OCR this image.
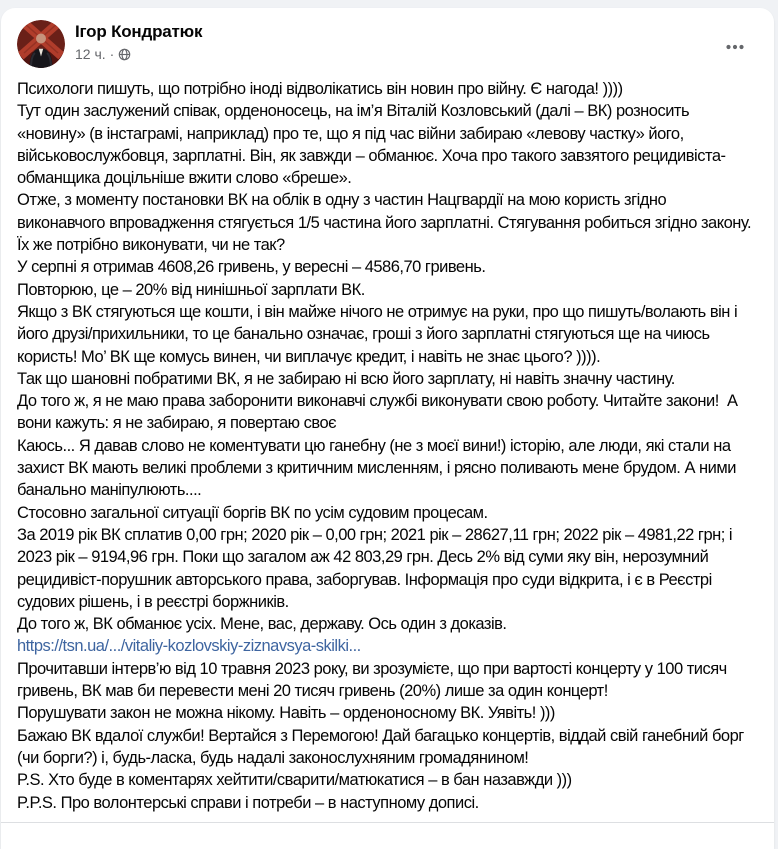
Ігор Кондратюк
12 ч. ·
Психологи пишуть, що потрібно іноді відволікатись він новин про війну. Є нагода! ))))
Тут один заслужений співак, орденоносець, на ім’я Віталій Козловський (далі – ВК) розносить «новину» (в інстаграмі, наприклад) про те, що я під час війни забираю «левову частку» його, військовослужбовця, зарплатні. Він, як завжди – обманює. Хоча про такого завзятого рецидивіста-обманщика доцільніше вжити слово «бреше».
Отже, з моменту постановки ВК на облік в одну з частин Нацгвардії на мою користь згідно виконавчого впровадження стягується 1/5 частина його зарплатні. Стягування робиться згідно закону. Їх же потрібно виконувати, чи не так?
У серпні я отримав 4608,26 гривень, у вересні – 4586,70 гривень.
Повторюю, це – 20% від нинішньої зарплати ВК.
Якщо з ВК стягуються ще кошти, і він майже нічого не отримує на руки, про що пишуть/волають він і його друзі/прихильники, то це банально означає, гроші з його зарплатні стягуються ще на чиюсь користь! Мо’ ВК ще комусь винен, чи виплачує кредит, і навіть не знає цього? )))).
Так що шановні побратими ВК, я не забираю ні всю його зарплату, ні навіть значну частину.
До того ж, я не маю права заборонити виконавчі службі виконувати свою роботу. Читайте закони!  А вони кажуть: я не забираю, я повертаю своє
Каюсь... Я давав слово не коментувати цю ганебну (не з моєї вини!) історію, але люди, які стали на захист ВК мають великі проблеми з критичним мисленням, і рясно поливають мене брудом. А ними банально маніпулюють....
Стосовно загальної ситуації боргів ВК по усім судовим процесам.
За 2019 рік ВК сплатив 0,00 грн; 2020 рік – 0,00 грн; 2021 рік – 28627,11 грн; 2022 рік – 4981,22 грн; і 2023 рік – 9194,96 грн. Поки що загалом аж 42 803,29 грн. Десь 2% від суми яку він, нерозумний рецидивіст-порушник авторського права, заборгував. Інформація про суди відкрита, і є в Реєстрі судових рішень, і в реєстрі боржників.
До того ж, ВК обманює усіх. Мене, вас, державу. Ось один з доказів.
https://tsn.ua/.../vitaliy-kozlovskiy-ziznavsya-skilki...
Прочитавши інтерв’ю від 10 травня 2023 року, ви зрозумієте, що при вартості концерту у 100 тисяч гривень, ВК мав би перевести мені 20 тисяч гривень (20%) лише за один концерт!
Порушувати закон не можна нікому. Навіть – орденоносному ВК. Уявіть! )))
Бажаю ВК вдалої служби! Вертайся з Перемогою! Дай багацько концертів, віддай свій ганебний борг (чи борги?) і, будь-ласка, будь надалі законослухняним громадянином!
P.S. Хто буде в коментарях хейтити/сварити/матюкатися – в бан назавжди )))
P.P.S. Про волонтерські справи і потреби – в наступному дописі.
